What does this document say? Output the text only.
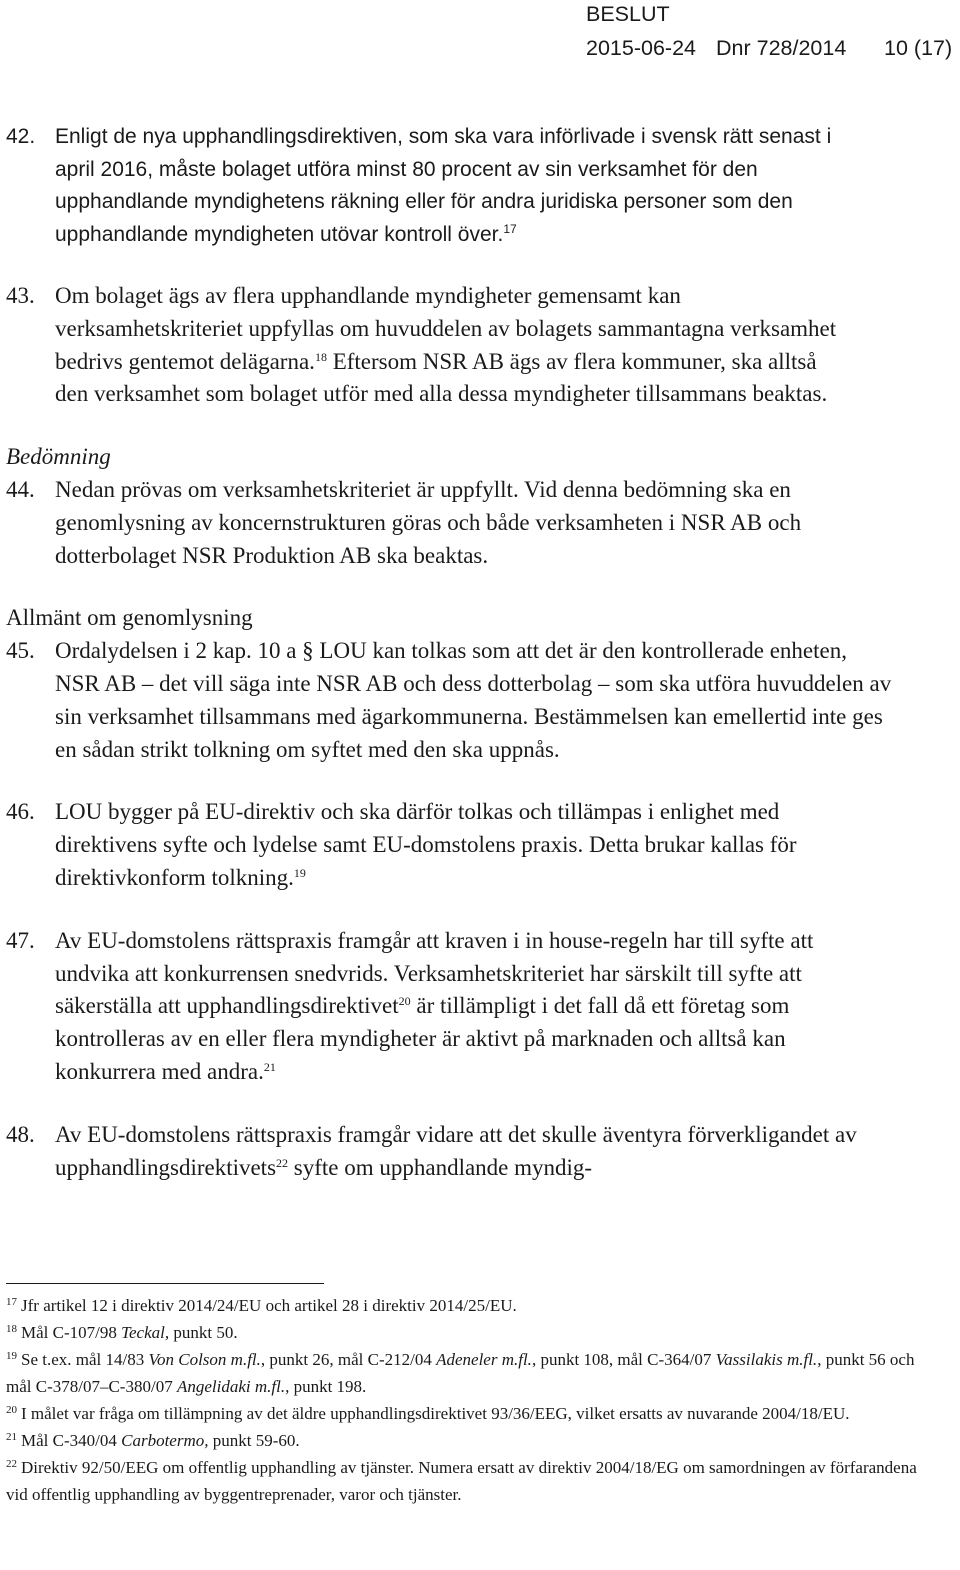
BESLUT
2015-06-24 Dnr 728/2014 10 (17)

42. Enligt de nya upphandlingsdirektiven, som ska vara införlivade i svensk rätt senast i april 2016, måste bolaget utföra minst 80 procent av sin verksamhet för den upphandlande myndighetens räkning eller för andra juridiska personer som den upphandlande myndigheten utövar kontroll över.$^{17}$

43. Om bolaget ägs av flera upphandlande myndigheter gemensamt kan verksamhetskriteriet uppfyllas om huvuddelen av bolagets sammantagna verksamhet bedrivs gentemot delägarna.$^{18}$ Eftersom NSR AB ägs av flera kommuner, ska alltså den verksamhet som bolaget utför med alla dessa myndigheter tillsammans beaktas.

Bedömning

44. Nedan prövas om verksamhetskriteriet är uppfyllt. Vid denna bedömning ska en genomlysning av koncernstrukturen göras och både verksamheten i NSR AB och dotterbolaget NSR Produktion AB ska beaktas.

Allmänt om genomlysning

45. Ordalydelsen i 2 kap. 10 a § LOU kan tolkas som att det är den kontrollerade enheten, NSR AB – det vill säga inte NSR AB och dess dotterbolag – som ska utföra huvuddelen av sin verksamhet tillsammans med ägarkommunerna. Bestämmelsen kan emellertid inte ges en sådan strikt tolkning om syftet med den ska uppnås.

46. LOU bygger på EU-direktiv och ska därför tolkas och tillämpas i enlighet med direktivens syfte och lydelse samt EU-domstolens praxis. Detta brukar kallas för direktivkonform tolkning.$^{19}$

47. Av EU-domstolens rättspraxis framgår att kraven i in house-regeln har till syfte att undvika att konkurrensen snedvrids. Verksamhetskriteriet har särskilt till syfte att säkerställa att upphandlingsdirektivet$^{20}$ är tillämpligt i det fall då ett företag som kontrolleras av en eller flera myndigheter är aktivt på marknaden och alltså kan konkurrera med andra.$^{21}$

48. Av EU-domstolens rättspraxis framgår vidare att det skulle äventyra förverkligandet av upphandlingsdirektivets$^{22}$ syfte om upphandlande myndig-

$^{17}$ Jfr artikel 12 i direktiv 2014/24/EU och artikel 28 i direktiv 2014/25/EU.

$^{18}$ Mål C-107/98 Teckal, punkt 50.

$^{19}$ Se t.ex. mål 14/83 Von Colson m.fl., punkt 26, mål C-212/04 Adeneler m.fl., punkt 108, mål C-364/07 Vassilakis m.fl., punkt 56 och mål C-378/07–C-380/07 Angelidaki m.fl., punkt 198.

$^{20}$ I målet var fråga om tillämpning av det äldre upphandlingsdirektivet 93/36/EEG, vilket ersatts av nuvarande 2004/18/EU.

$^{21}$ Mål C-340/04 Carbotermo, punkt 59-60.

$^{22}$ Direktiv 92/50/EEG om offentlig upphandling av tjänster. Numera ersatt av direktiv 2004/18/EG om samordningen av förfarandena vid offentlig upphandling av byggentreprenader, varor och tjänster.
